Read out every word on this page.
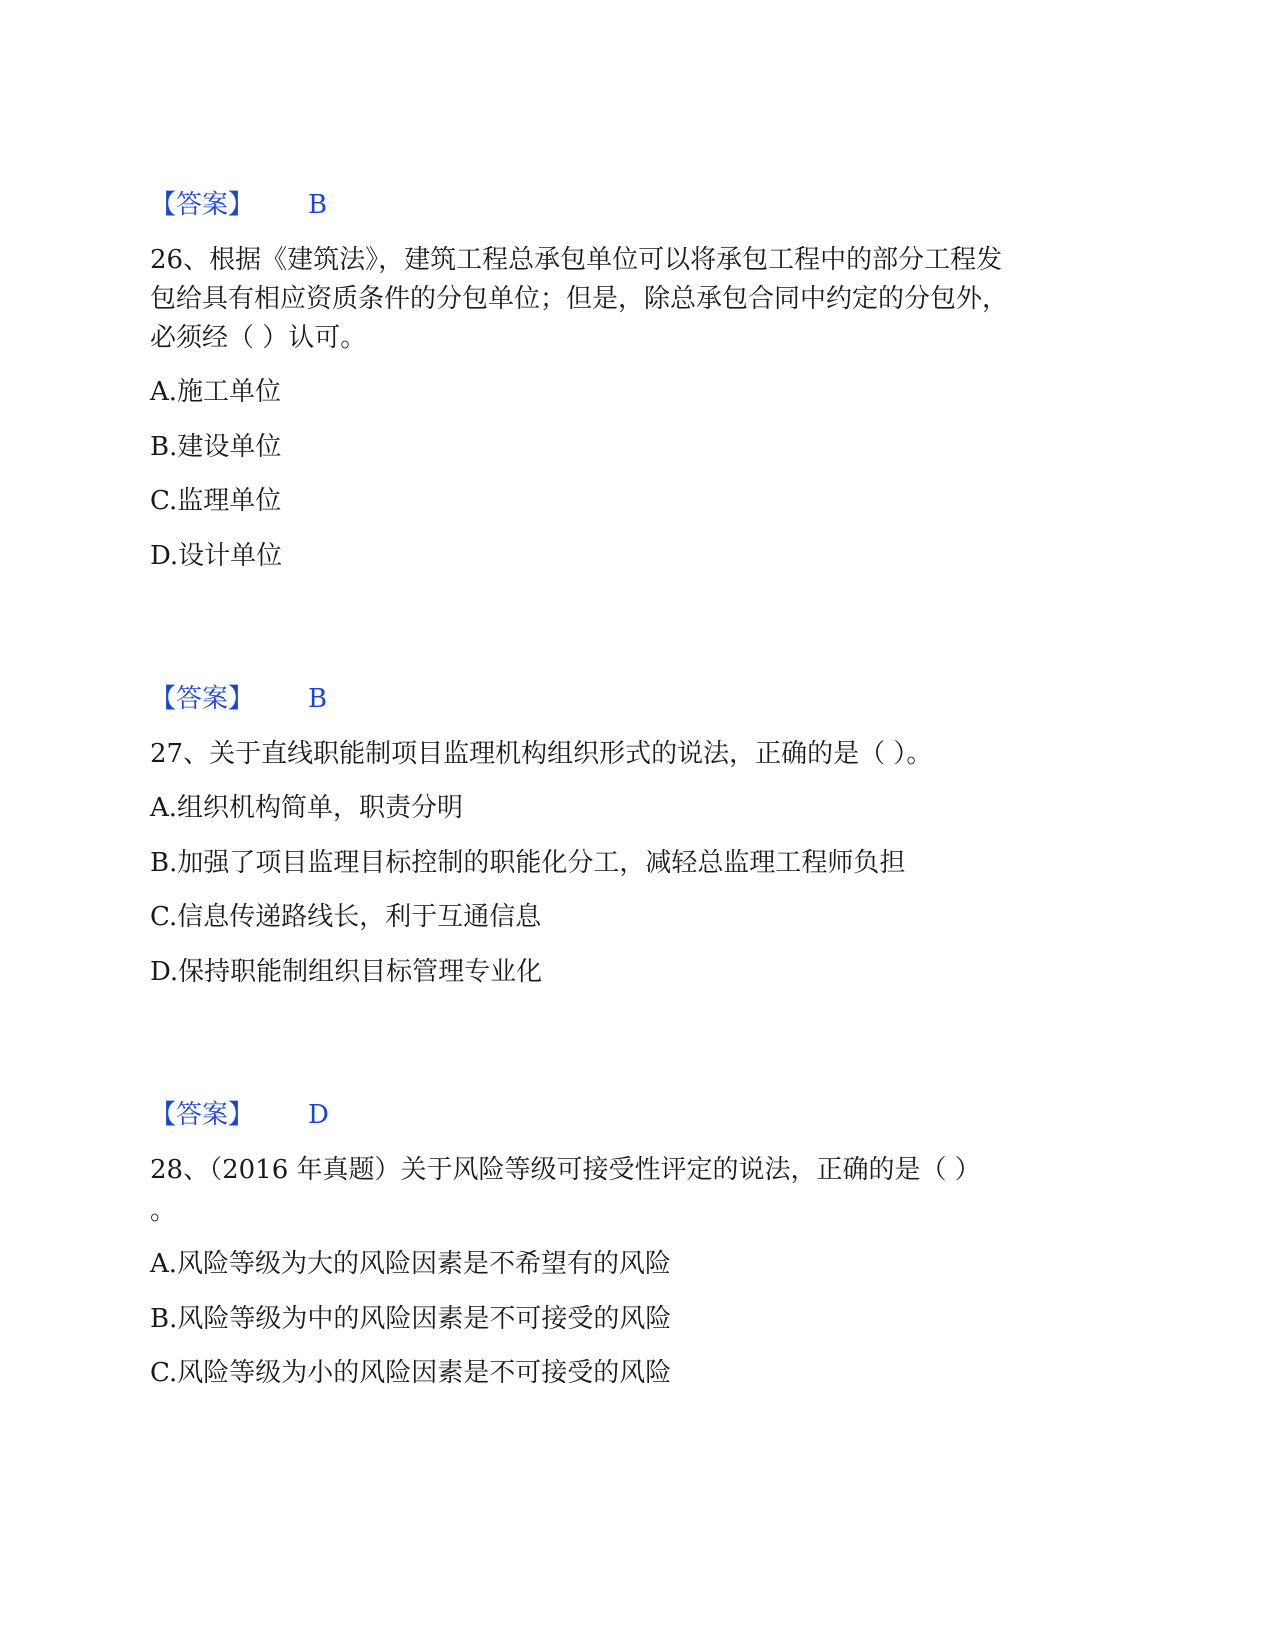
【答案】 B
26、根据《建筑法》，建筑工程总承包单位可以将承包工程中的部分工程发
包给具有相应资质条件的分包单位；但是，除总承包合同中约定的分包外，
必须经（ ）认可。
A.施工单位
B.建设单位
C.监理单位
D.设计单位
【答案】 B
27、关于直线职能制项目监理机构组织形式的说法，正确的是（ ）。
A.组织机构简单，职责分明
B.加强了项目监理目标控制的职能化分工，减轻总监理工程师负担
C.信息传递路线长，利于互通信息
D.保持职能制组织目标管理专业化
【答案】 D
28、（2016 年真题）关于风险等级可接受性评定的说法，正确的是（ ）
。
A.风险等级为大的风险因素是不希望有的风险
B.风险等级为中的风险因素是不可接受的风险
C.风险等级为小的风险因素是不可接受的风险
